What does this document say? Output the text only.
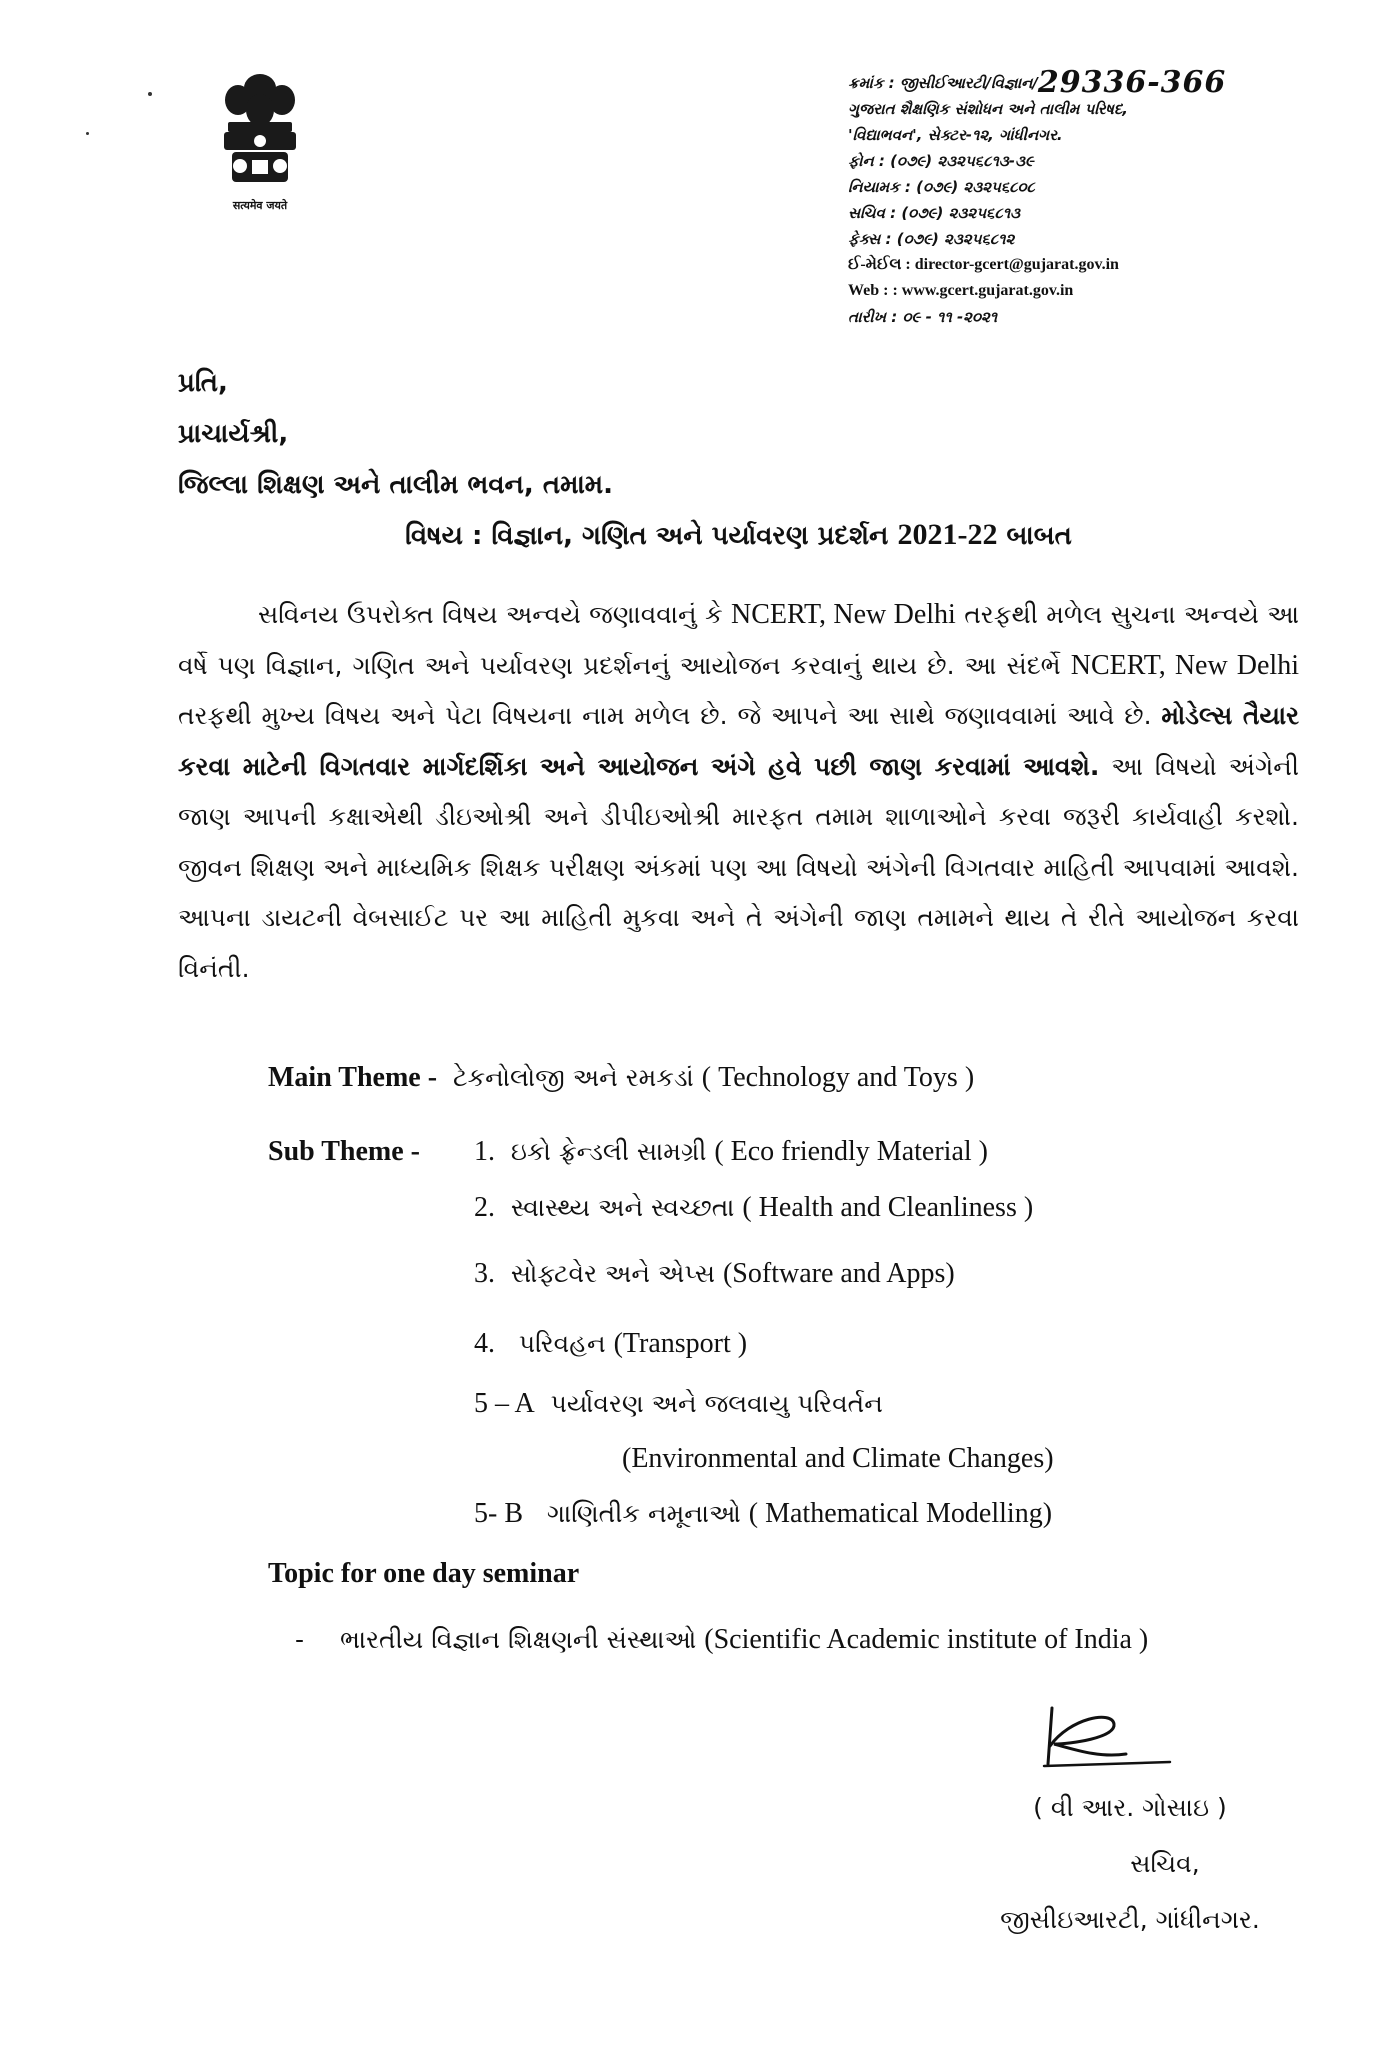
सत्यमेव जयते
ક્રમાંક : જીસીઈઆરટી/વિજ્ઞાન/29336-366
ગુજરાત શૈક્ષણિક સંશોધન અને તાલીમ પરિષદ,
'વિદ્યાભવન', સેક્ટર-૧૨, ગાંધીનગર.
ફોન : (૦૭૯) ૨૩૨૫૬૮૧૩-૩૯
નિયામક : (૦૭૯) ૨૩૨૫૬૮૦૮
સચિવ : (૦૭૯) ૨૩૨૫૬૮૧૩
ફેક્સ : (૦૭૯) ૨૩૨૫૬૮૧૨
ઈ-મેઈલ : director-gcert@gujarat.gov.in
Web : : www.gcert.gujarat.gov.in
તારીખ : ૦૯ - ૧૧ -૨૦૨૧
પ્રતિ,
પ્રાચાર્યશ્રી,
જિલ્લા શિક્ષણ અને તાલીમ ભવન, તમામ.
વિષય : વિજ્ઞાન, ગણિત અને પર્યાવરણ પ્રદર્શન 2021-22 બાબત
સવિનય ઉપરોક્ત વિષય અન્વયે જણાવવાનું કે NCERT, New Delhi તરફથી મળેલ સુચના અન્વયે આ વર્ષે પણ વિજ્ઞાન, ગણિત અને પર્યાવરણ પ્રદર્શનનું આયોજન કરવાનું થાય છે. આ સંદર્ભે NCERT, New Delhi તરફથી મુખ્ય વિષય અને પેટા વિષયના નામ મળેલ છે. જે આપને આ સાથે જણાવવામાં આવે છે. મોડેલ્સ તૈયાર કરવા માટેની વિગતવાર માર્ગદર્શિકા અને આયોજન અંગે હવે પછી જાણ કરવામાં આવશે. આ વિષયો અંગેની જાણ આપની કક્ષાએથી ડીઇઓશ્રી અને ડીપીઇઓશ્રી મારફત તમામ શાળાઓને કરવા જરૂરી કાર્યવાહી કરશો. જીવન શિક્ષણ અને માધ્યમિક શિક્ષક પરીક્ષણ અંકમાં પણ આ વિષયો અંગેની વિગતવાર માહિતી આપવામાં આવશે. આપના ડાયટની વેબસાઈટ પર આ માહિતી મુકવા અને તે અંગેની જાણ તમામને થાય તે રીતે આયોજન કરવા વિનંતી.
Main Theme - ટેકનોલોજી અને રમકડાં ( Technology and Toys )
Sub Theme - 1. ઇકો ફ્રેન્ડલી સામગ્રી ( Eco friendly Material )
2. સ્વાસ્થ્ય અને સ્વચ્છતા ( Health and Cleanliness )
3. સોફ્ટવેર અને એપ્સ (Software and Apps)
4. પરિવહન (Transport )
5 – A પર્યાવરણ અને જલવાયુ પરિવર્તન
(Environmental and Climate Changes)
5- B ગાણિતીક નમૂનાઓ ( Mathematical Modelling)
Topic for one day seminar
- ભારતીય વિજ્ઞાન શિક્ષણની સંસ્થાઓ (Scientific Academic institute of India )
( વી આર. ગોસાઇ )
સચિવ,
જીસીઇઆરટી, ગાંધીનગર.
